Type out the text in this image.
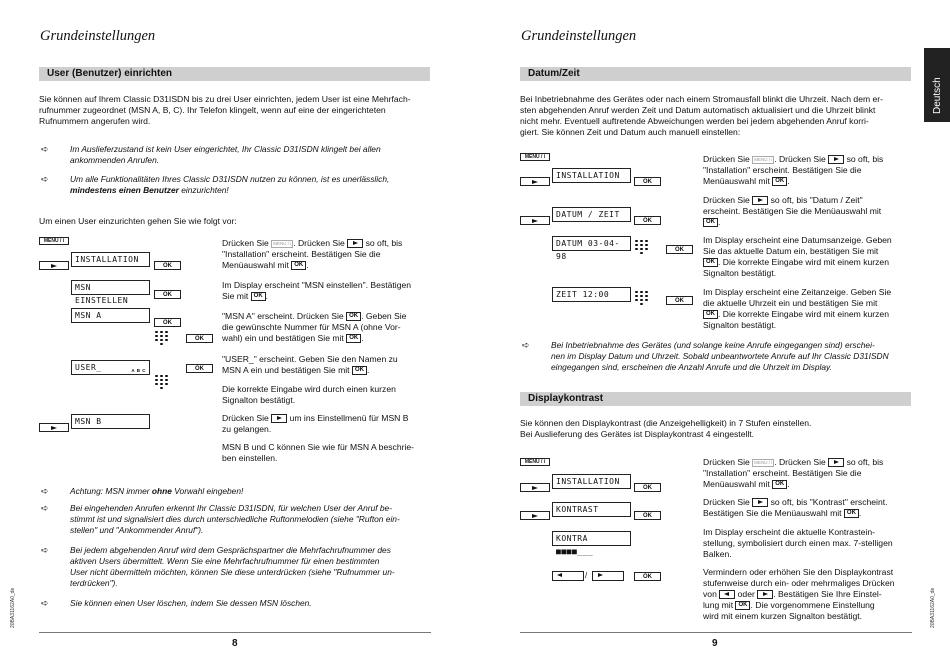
Grundeinstellungen
User (Benutzer) einrichten
Sie können auf Ihrem Classic D31ISDN bis zu drei User einrichten, jedem User ist eine Mehrfach-
rufnummer zugeordnet (MSN A, B, C). Ihr Telefon klingelt, wenn auf eine der eingerichteten
Rufnummern angerufen wird.
➪	Im Auslieferzustand ist kein User eingerichtet, Ihr Classic D31ISDN klingelt bei allen
ankommenden Anrufen.
➪	Um alle Funktionalitäten Ihres Classic D31ISDN nutzen zu können, ist es unerlässlich,
mindestens einen Benutzer einzurichten!
Um einen User einzurichten gehen Sie wie folgt vor:
MENU / i
INSTALLATION
OK
MSN EINSTELLEN
OK
MSN A
OK
OK
USER_	A B C	OK
MSN B
Drücken Sie MENU / i . Drücken Sie  so oft, bis
"Installation" erscheint. Bestätigen Sie die
Menüauswahl mit OK .
Im Display erscheint "MSN einstellen". Bestätigen
Sie mit OK .
"MSN A" erscheint. Drücken Sie OK . Geben Sie
die gewünschte Nummer für MSN A (ohne Vor-
wahl) ein und bestätigen Sie mit OK .
"USER_" erscheint. Geben Sie den Namen zu
MSN A ein und bestätigen Sie mit OK .
Die korrekte Eingabe wird durch einen kurzen
Signalton bestätigt.
Drücken Sie  um ins Einstellmenü für MSN B
zu gelangen.
MSN B und C können Sie wie für MSN A beschrie-
ben einstellen.
➪	Achtung: MSN immer ohne Vorwahl eingeben!
➪	Bei eingehenden Anrufen erkennt Ihr Classic D31ISDN, für welchen User der Anruf be-
stimmt ist und signalisiert dies durch unterschiedliche Ruftonmelodien (siehe "Rufton ein-
stellen" und "Ankommender Anruf").
➪	Bei jedem abgehenden Anruf wird dem Gesprächspartner die Mehrfachrufnummer des
aktiven Users übermittelt. Wenn Sie eine Mehrfachrufnummer für einen bestimmten
User nicht übermitteln möchten, können Sie diese unterdrücken (siehe "Rufnummer un-
terdrücken").
➪	Sie können einen User löschen, indem Sie dessen MSN löschen.
8
20BA31162A0_de
Grundeinstellungen
Deutsch
Datum/Zeit
Bei Inbetriebnahme des Gerätes oder nach einem Stromausfall blinkt die Uhrzeit. Nach dem er-
sten abgehenden Anruf werden Zeit und Datum automatisch aktualisiert und die Uhrzeit blinkt
nicht mehr. Eventuell auftretende Abweichungen werden bei jedem abgehenden Anruf korri-
giert. Sie können Zeit und Datum auch manuell einstellen:
MENU / i
INSTALLATION
OK
DATUM / ZEIT
OK
DATUM 03-04-98
OK
ZEIT 12:00
OK
Drücken Sie MENU / i . Drücken Sie  so oft, bis
"Installation" erscheint. Bestätigen Sie die
Menüauswahl mit OK .
Drücken Sie  so oft, bis "Datum / Zeit"
erscheint. Bestätigen Sie die Menüauswahl mit
OK .
Im Display erscheint eine Datumsanzeige. Geben
Sie das aktuelle Datum ein, bestätigen Sie mit
OK . Die korrekte Eingabe wird mit einem kurzen
Signalton bestätigt.
Im Display erscheint eine Zeitanzeige. Geben Sie
die aktuelle Uhrzeit ein und bestätigen Sie mit
OK . Die korrekte Eingabe wird mit einem kurzen
Signalton bestätigt.
➪	Bei Inbetriebnahme des Gerätes (und solange keine Anrufe eingegangen sind) erschei-
nen im Display Datum und Uhrzeit. Sobald unbeantwortete Anrufe auf Ihr Classic D31ISDN
eingegangen sind, erscheinen die Anzahl Anrufe und die Uhrzeit im Display.
Displaykontrast
Sie können den Displaykontrast (die Anzeigehelligkeit) in 7 Stufen einstellen.
Bei Auslieferung des Gerätes ist Displaykontrast 4 eingestellt.
MENU / i
INSTALLATION
OK
KONTRAST
OK
KONTRA ■■■■___
/	OK
Drücken Sie MENU / i . Drücken Sie  so oft, bis
"Installation" erscheint. Bestätigen Sie die
Menüauswahl mit OK .
Drücken Sie  so oft, bis "Kontrast" erscheint.
Bestätigen Sie die Menüauswahl mit OK .
Im Display erscheint die aktuelle Kontrastein-
stellung, symbolisiert durch einen max. 7-stelligen
Balken.
Vermindern oder erhöhen Sie den Displaykontrast
stufenweise durch ein- oder mehrmaliges Drücken
von  oder . Bestätigen Sie Ihre Einstel-
lung mit OK . Die vorgenommene Einstellung
wird mit einem kurzen Signalton bestätigt.
9
20BA31162A0_de
